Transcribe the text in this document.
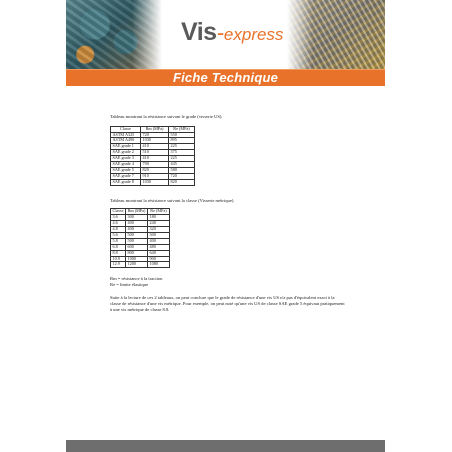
Vis-express
Fiche Technique
Tableau montrant la résistance suivant le grade (visserie US).
Classe	Rm (MPa)	Re (MPa)
ASTM A325	720	550
ASTM A490	1030	895
SAE grade 1	410	225
SAE grade 2	510	375
SAE grade 3	410	225
SAE grade 4	790	445
SAE grade 5	820	580
SAE grade 7	910	720
SAE grade 8	1030	820
Tableau montrant la résistance suivant la classe (Visserie métrique).
Classe	Rm (MPa)	Re (MPa)
3.6	300	180
4.6	400	240
4.8	400	320
5.6	500	300
5.8	500	400
6.8	600	480
8.8	800	640
10.9	1000	900
12.9	1200	1080
Rm = résistance à la traction
Re = limite élastique
Suite à la lecture de ces 2 tableaux, on peut conclure que le grade de résistance d'une vis US n'a pas d'équivalent exact à la classe de résistance d'une vis métrique. Pour exemple, on peut noté qu'une vis US de classe SAE grade 5 équivaut pratiquement à une vis métrique de classe 8.8.
